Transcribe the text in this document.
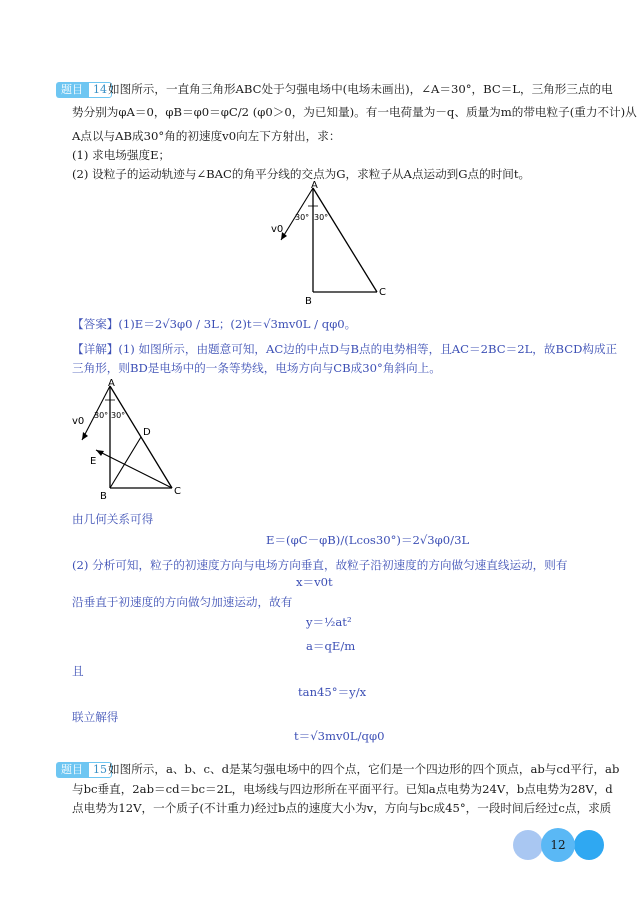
题目 14 如图所示，一直角三角形ABC处于匀强电场中(电场未画出)，∠A＝30°，BC＝L，三角形三点的电
势分别为φA＝0，φB＝φ0＝φC/2 (φ0＞0，为已知量)。有一电荷量为－q、质量为m的带电粒子(重力不计)从
A点以与AB成30°角的初速度v0向左下方射出，求：
(1) 求电场强度E；
(2) 设粒子的运动轨迹与∠BAC的角平分线的交点为G，求粒子从A点运动到G点的时间t。
A
B
C
v0
30° 30°
【答案】(1)E＝2√3φ0 / 3L；(2)t＝√3mv0L / qφ0。
【详解】(1) 如图所示，由题意可知，AC边的中点D与B点的电势相等，且AC＝2BC＝2L，故BCD构成正
三角形，则BD是电场中的一条等势线，电场方向与CB成30°角斜向上。
A
B	C
D
E
v0
30° 30°
由几何关系可得
E＝(φC－φB)/(Lcos30°)＝2√3φ0/3L
(2) 分析可知，粒子的初速度方向与电场方向垂直，故粒子沿初速度的方向做匀速直线运动，则有
x＝v0t
沿垂直于初速度的方向做匀加速运动，故有
y＝½at²
a＝qE/m
且
tan45°＝y/x
联立解得
t＝√3mv0L/qφ0
题目 15 如图所示，a、b、c、d是某匀强电场中的四个点，它们是一个四边形的四个顶点，ab与cd平行，ab
与bc垂直，2ab＝cd＝bc＝2L，电场线与四边形所在平面平行。已知a点电势为24V，b点电势为28V，d
点电势为12V，一个质子(不计重力)经过b点的速度大小为v，方向与bc成45°，一段时间后经过c点，求质
12
